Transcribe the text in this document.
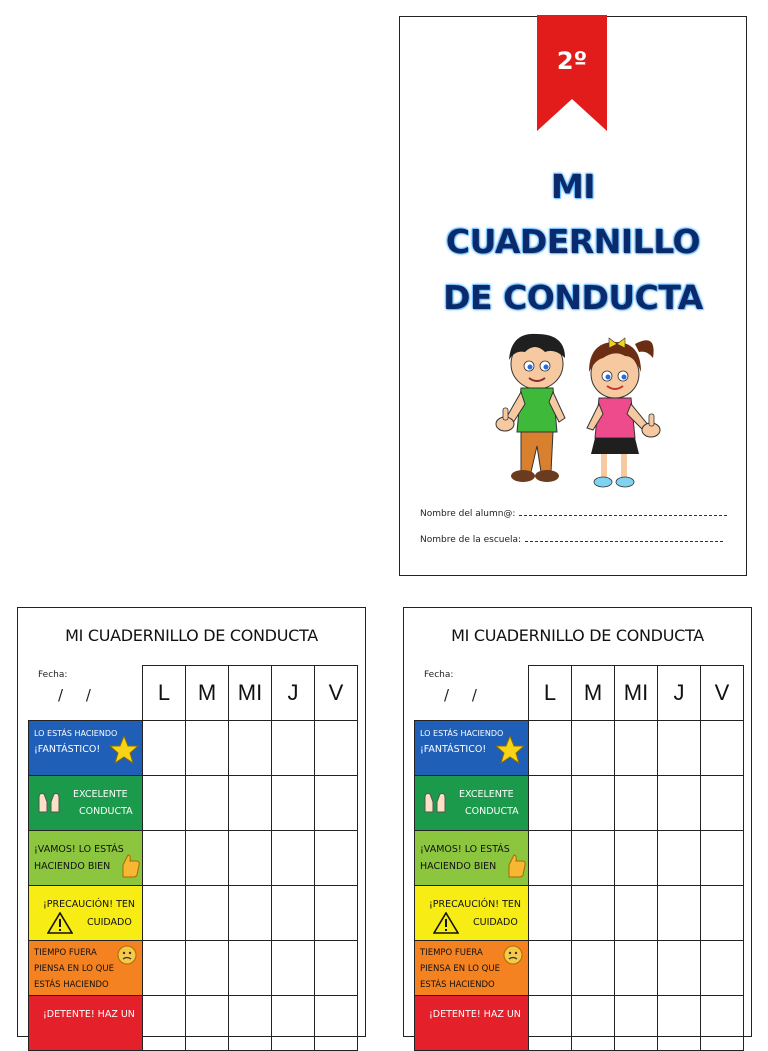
2º
MI
CUADERNILLO
DE CONDUCTA
Nombre del alumn@:
Nombre de la escuela:
MI CUADERNILLO DE CONDUCTA
Fecha:
/ /
		L	M	MI	J	V

LO ESTÁS HACIENDO
¡FANTÁSTICO!					

EXCELENTE
CONDUCTA					

¡VAMOS! LO ESTÁS
HACIENDO BIEN					

¡PRECAUCIÓN! TEN
CUIDADO					

TIEMPO FUERA
PIENSA EN LO QUE
ESTÁS HACIENDO					

¡DETENTE! HAZ UN					

MI CUADERNILLO DE CONDUCTA
Fecha:
/ /
		L	M	MI	J	V

LO ESTÁS HACIENDO
¡FANTÁSTICO!					

EXCELENTE
CONDUCTA					

¡VAMOS! LO ESTÁS
HACIENDO BIEN					

¡PRECAUCIÓN! TEN
CUIDADO					

TIEMPO FUERA
PIENSA EN LO QUE
ESTÁS HACIENDO					

¡DETENTE! HAZ UN					
